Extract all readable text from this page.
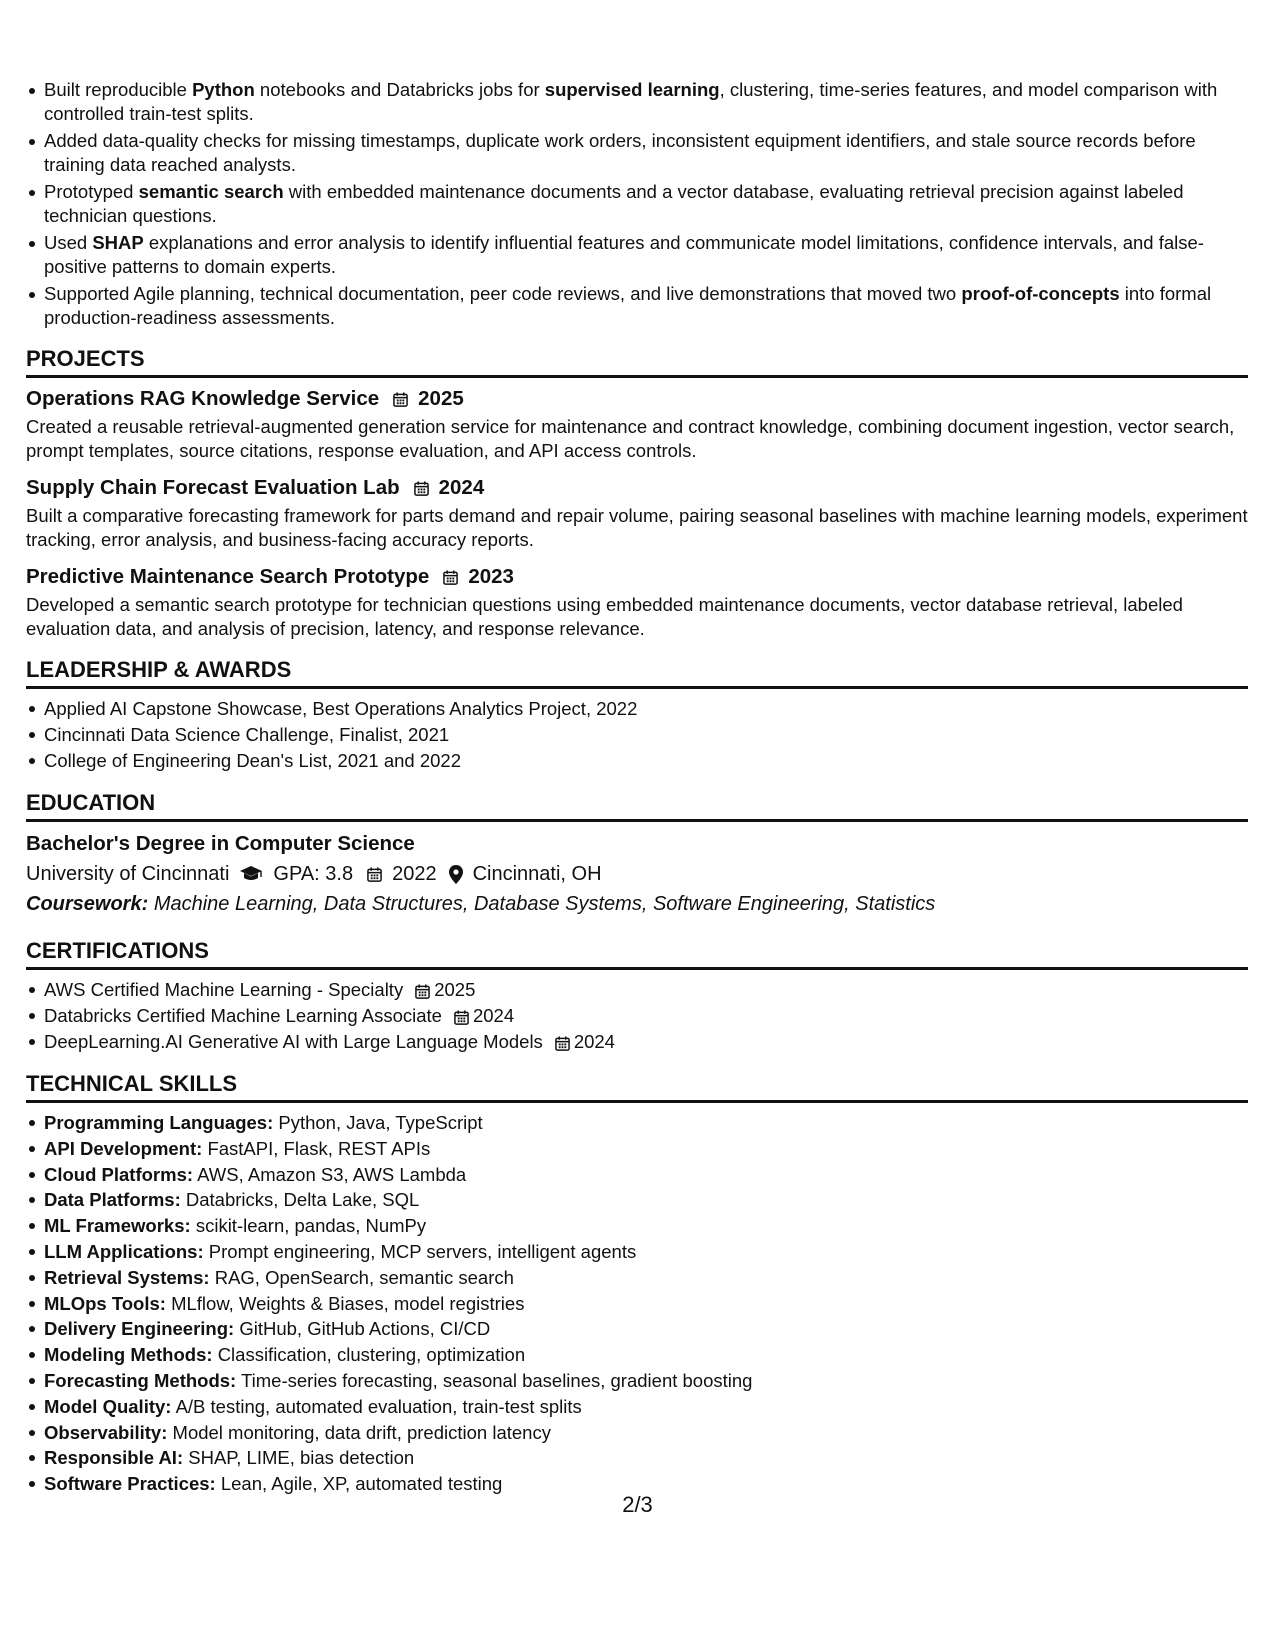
Built reproducible Python notebooks and Databricks jobs for supervised learning, clustering, time-series features, and model comparison with controlled train-test splits.
Added data-quality checks for missing timestamps, duplicate work orders, inconsistent equipment identifiers, and stale source records before training data reached analysts.
Prototyped semantic search with embedded maintenance documents and a vector database, evaluating retrieval precision against labeled technician questions.
Used SHAP explanations and error analysis to identify influential features and communicate model limitations, confidence intervals, and false-positive patterns to domain experts.
Supported Agile planning, technical documentation, peer code reviews, and live demonstrations that moved two proof-of-concepts into formal production-readiness assessments.
PROJECTS
Operations RAG Knowledge Service 2025
Created a reusable retrieval-augmented generation service for maintenance and contract knowledge, combining document ingestion, vector search, prompt templates, source citations, response evaluation, and API access controls.
Supply Chain Forecast Evaluation Lab 2024
Built a comparative forecasting framework for parts demand and repair volume, pairing seasonal baselines with machine learning models, experiment tracking, error analysis, and business-facing accuracy reports.
Predictive Maintenance Search Prototype 2023
Developed a semantic search prototype for technician questions using embedded maintenance documents, vector database retrieval, labeled evaluation data, and analysis of precision, latency, and response relevance.
LEADERSHIP & AWARDS
Applied AI Capstone Showcase, Best Operations Analytics Project, 2022
Cincinnati Data Science Challenge, Finalist, 2021
College of Engineering Dean's List, 2021 and 2022
EDUCATION
Bachelor's Degree in Computer Science
University of Cincinnati GPA: 3.8 2022 Cincinnati, OH
Coursework: Machine Learning, Data Structures, Database Systems, Software Engineering, Statistics
CERTIFICATIONS
AWS Certified Machine Learning - Specialty 2025
Databricks Certified Machine Learning Associate 2024
DeepLearning.AI Generative AI with Large Language Models 2024
TECHNICAL SKILLS
Programming Languages: Python, Java, TypeScript
API Development: FastAPI, Flask, REST APIs
Cloud Platforms: AWS, Amazon S3, AWS Lambda
Data Platforms: Databricks, Delta Lake, SQL
ML Frameworks: scikit-learn, pandas, NumPy
LLM Applications: Prompt engineering, MCP servers, intelligent agents
Retrieval Systems: RAG, OpenSearch, semantic search
MLOps Tools: MLflow, Weights & Biases, model registries
Delivery Engineering: GitHub, GitHub Actions, CI/CD
Modeling Methods: Classification, clustering, optimization
Forecasting Methods: Time-series forecasting, seasonal baselines, gradient boosting
Model Quality: A/B testing, automated evaluation, train-test splits
Observability: Model monitoring, data drift, prediction latency
Responsible AI: SHAP, LIME, bias detection
Software Practices: Lean, Agile, XP, automated testing
2/3
